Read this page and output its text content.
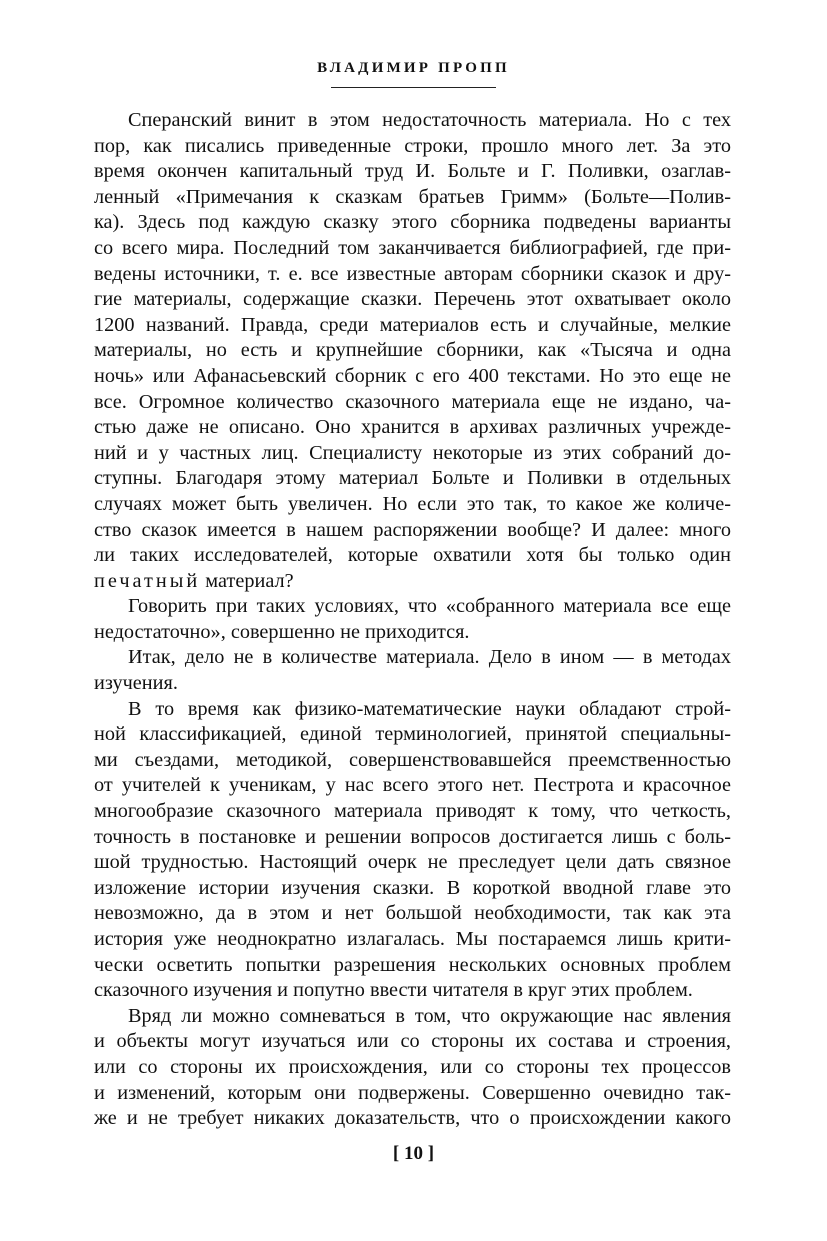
ВЛАДИМИР ПРОПП

Сперанский винит в этом недостаточность материала. Но с тех
пор, как писались приведенные строки, прошло много лет. За это
время окончен капитальный труд И. Больте и Г. Поливки, озаглав-
ленный «Примечания к сказкам братьев Гримм» (Больте—Полив-
ка). Здесь под каждую сказку этого сборника подведены варианты
со всего мира. Последний том заканчивается библиографией, где при-
ведены источники, т. е. все известные авторам сборники сказок и дру-
гие материалы, содержащие сказки. Перечень этот охватывает около
1200 названий. Правда, среди материалов есть и случайные, мелкие
материалы, но есть и крупнейшие сборники, как «Тысяча и одна
ночь» или Афанасьевский сборник с его 400 текстами. Но это еще не
все. Огромное количество сказочного материала еще не издано, ча-
стью даже не описано. Оно хранится в архивах различных учрежде-
ний и у частных лиц. Специалисту некоторые из этих собраний до-
ступны. Благодаря этому материал Больте и Поливки в отдельных
случаях может быть увеличен. Но если это так, то какое же количе-
ство сказок имеется в нашем распоряжении вообще? И далее: много
ли таких исследователей, которые охватили хотя бы только один
печатный материал?

Говорить при таких условиях, что «собранного материала все еще
недостаточно», совершенно не приходится.

Итак, дело не в количестве материала. Дело в ином — в методах
изучения.

В то время как физико-математические науки обладают строй-
ной классификацией, единой терминологией, принятой специальны-
ми съездами, методикой, совершенствовавшейся преемственностью
от учителей к ученикам, у нас всего этого нет. Пестрота и красочное
многообразие сказочного материала приводят к тому, что четкость,
точность в постановке и решении вопросов достигается лишь с боль-
шой трудностью. Настоящий очерк не преследует цели дать связное
изложение истории изучения сказки. В короткой вводной главе это
невозможно, да в этом и нет большой необходимости, так как эта
история уже неоднократно излагалась. Мы постараемся лишь крити-
чески осветить попытки разрешения нескольких основных проблем
сказочного изучения и попутно ввести читателя в круг этих проблем.

Вряд ли можно сомневаться в том, что окружающие нас явления
и объекты могут изучаться или со стороны их состава и строения,
или со стороны их происхождения, или со стороны тех процессов
и изменений, которым они подвержены. Совершенно очевидно так-
же и не требует никаких доказательств, что о происхождении какого

[ 10 ]
